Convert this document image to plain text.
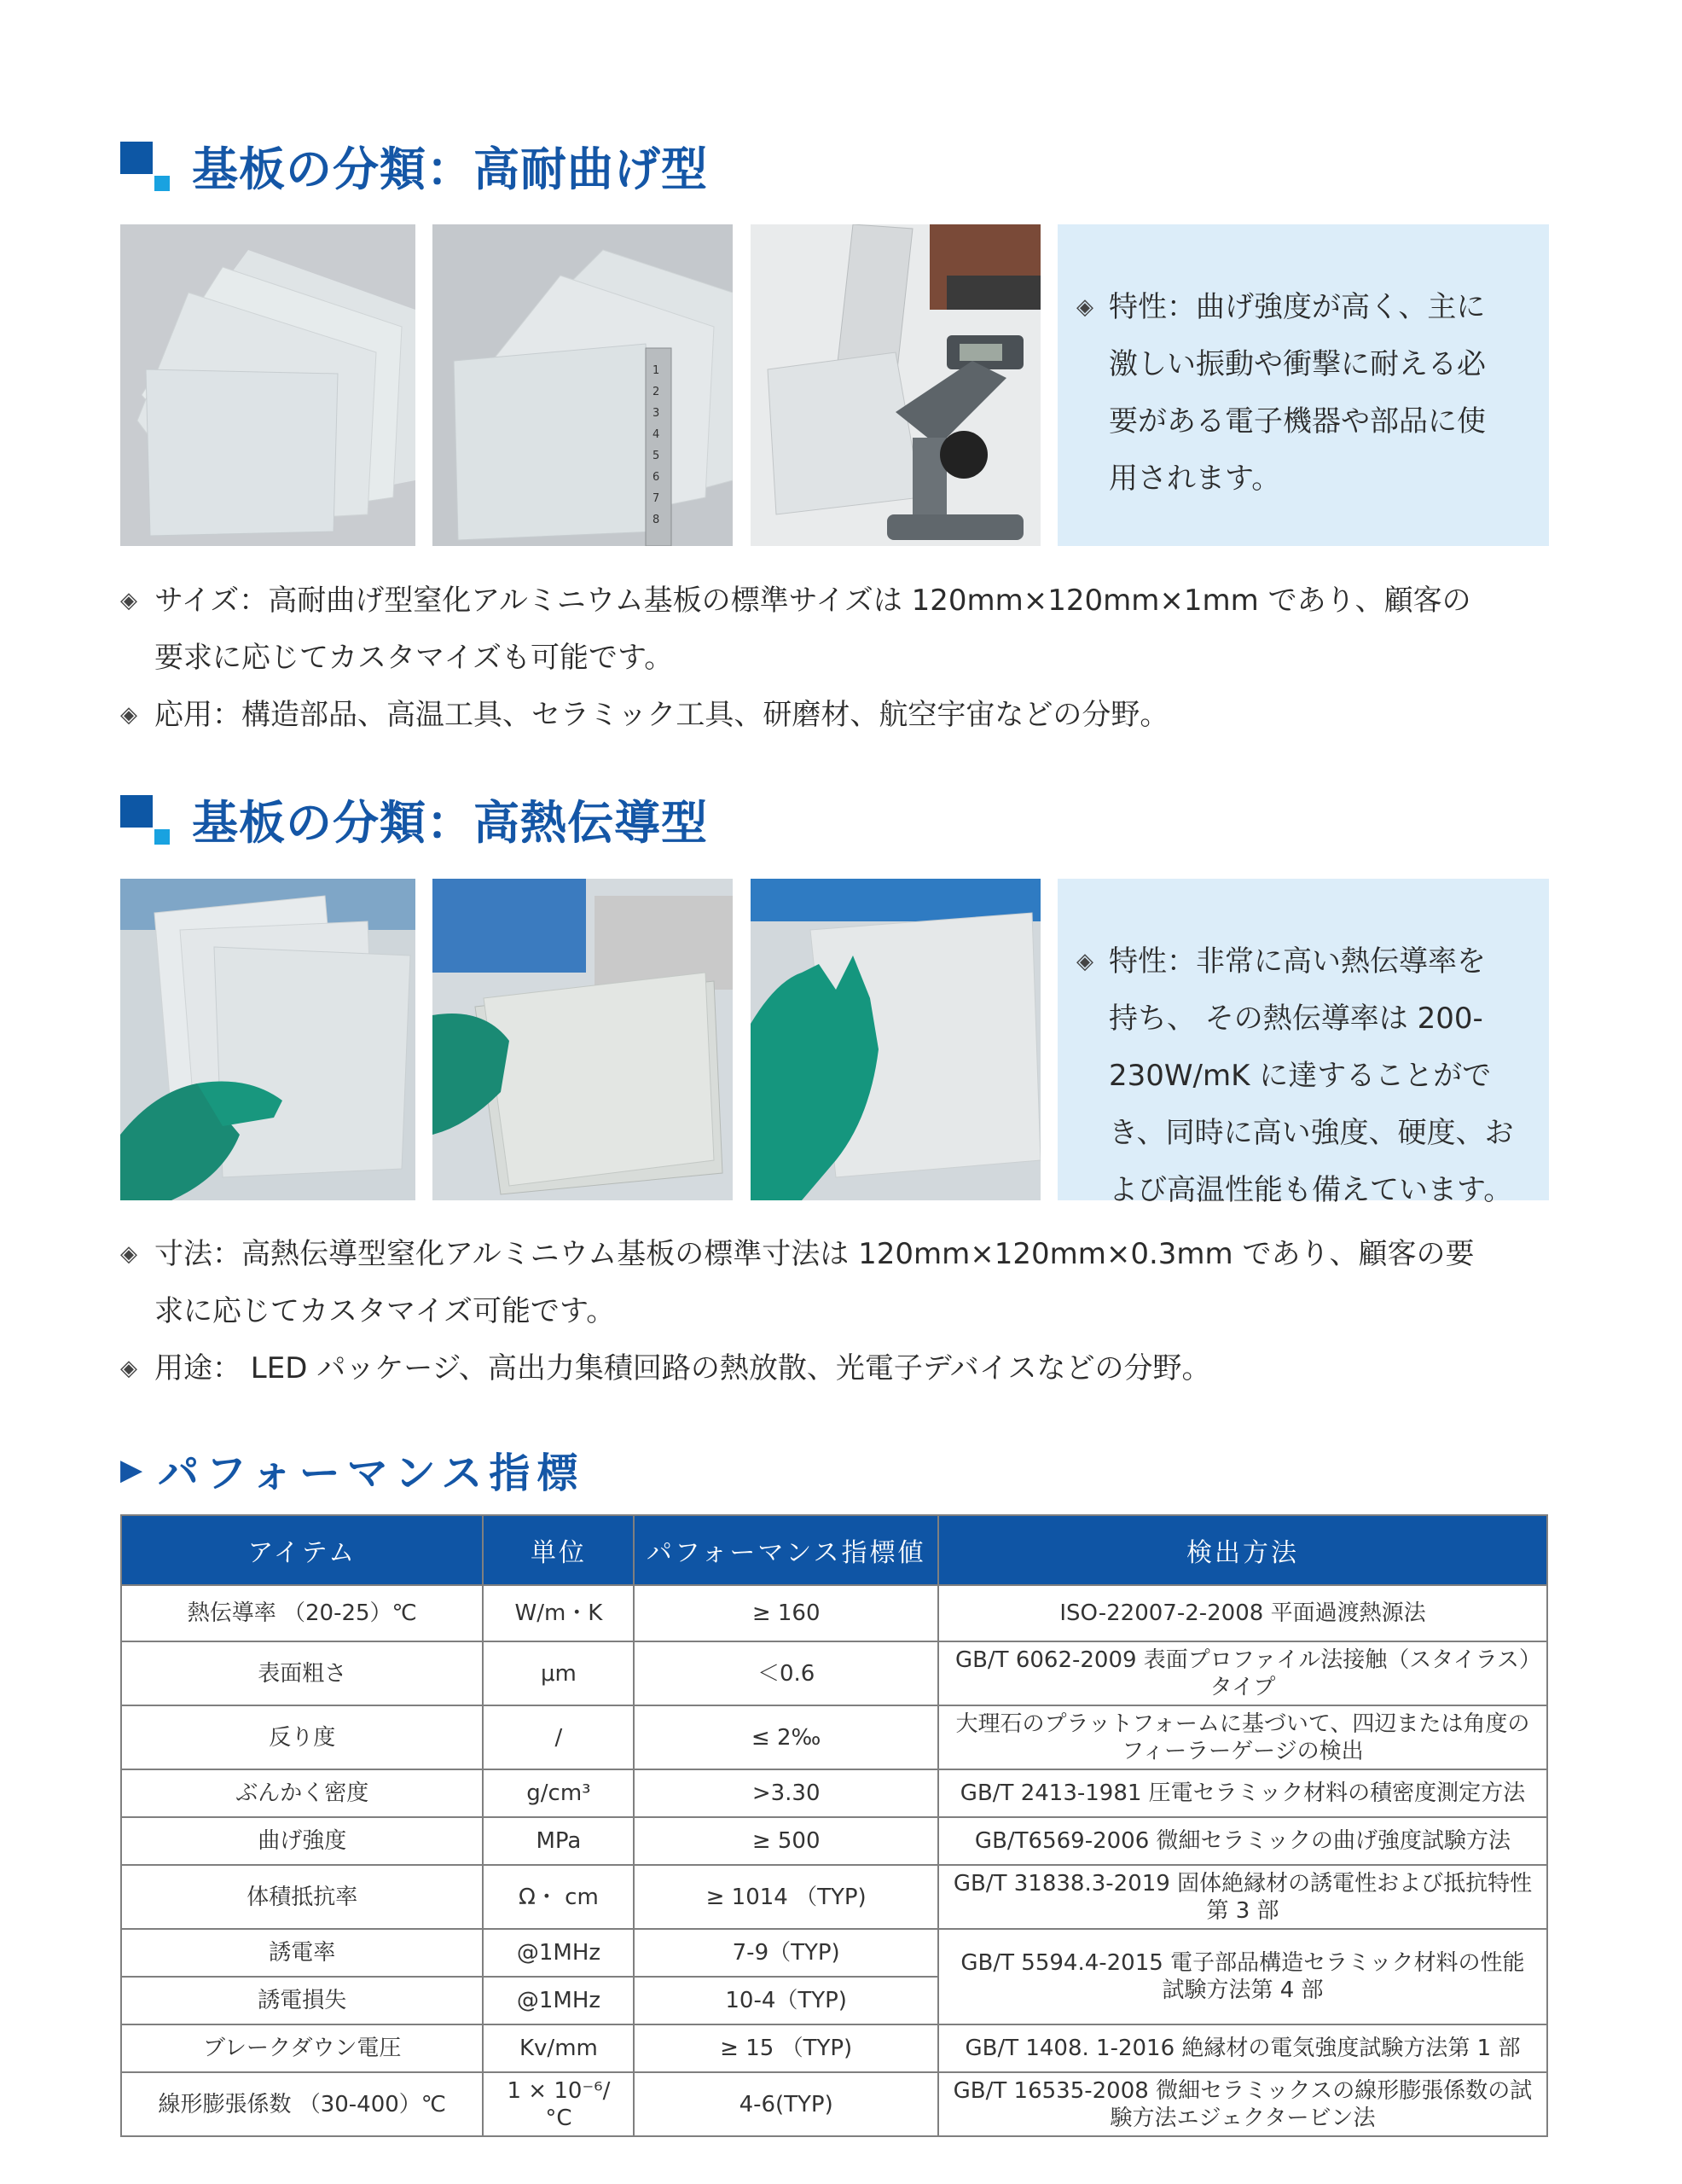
基板の分類：高耐曲げ型
1
2
3
4
5
6
7
8
◈ 特性：曲げ強度が高く、主に
激しい振動や衝撃に耐える必
要がある電子機器や部品に使
用されます。
◈ サイズ：高耐曲げ型窒化アルミニウム基板の標準サイズは 120mm×120mm×1mm であり、顧客の
要求に応じてカスタマイズも可能です。
◈ 応用：構造部品、高温工具、セラミック工具、研磨材、航空宇宙などの分野。
基板の分類：高熱伝導型
◈ 特性：非常に高い熱伝導率を
持ち、 その熱伝導率は 200-
230W/mK に達することがで
き、同時に高い強度、硬度、お
よび高温性能も備えています。
◈ 寸法：高熱伝導型窒化アルミニウム基板の標準寸法は 120mm×120mm×0.3mm であり、顧客の要
求に応じてカスタマイズ可能です。
◈ 用途： LED パッケージ、高出力集積回路の熱放散、光電子デバイスなどの分野。
▶ パフォーマンス指標
アイテム	単位	パフォーマンス指標値	検出方法
熱伝導率 （20-25）℃	W/m・K	≥ 160	ISO-22007-2-2008 平面過渡熱源法
表面粗さ	μm	＜0.6	GB/T 6062-2009 表面プロファイル法接触（スタイラス）タイプ
反り度	/	≤ 2‰	大理石のプラットフォームに基づいて、四辺または角度のフィーラーゲージの検出
ぶんかく密度	g/cm³	>3.30	GB/T 2413-1981 圧電セラミック材料の積密度測定方法
曲げ強度	MPa	≥ 500	GB/T6569-2006 微細セラミックの曲げ強度試験方法
体積抵抗率	Ω・ cm	≥ 1014 （TYP)	GB/T 31838.3-2019 固体絶縁材の誘電性および抵抗特性第 3 部
誘電率	@1MHz	7-9（TYP)	GB/T 5594.4-2015 電子部品構造セラミック材料の性能試験方法第 4 部
誘電損失	@1MHz	10-4（TYP)	
ブレークダウン電圧	Kv/mm	≥ 15 （TYP)	GB/T 1408. 1-2016 絶縁材の電気強度試験方法第 1 部
線形膨張係数 （30-400）℃	1 × 10⁻⁶/°C	4-6(TYP)	GB/T 16535-2008 微細セラミックスの線形膨張係数の試験方法エジェクタービン法
